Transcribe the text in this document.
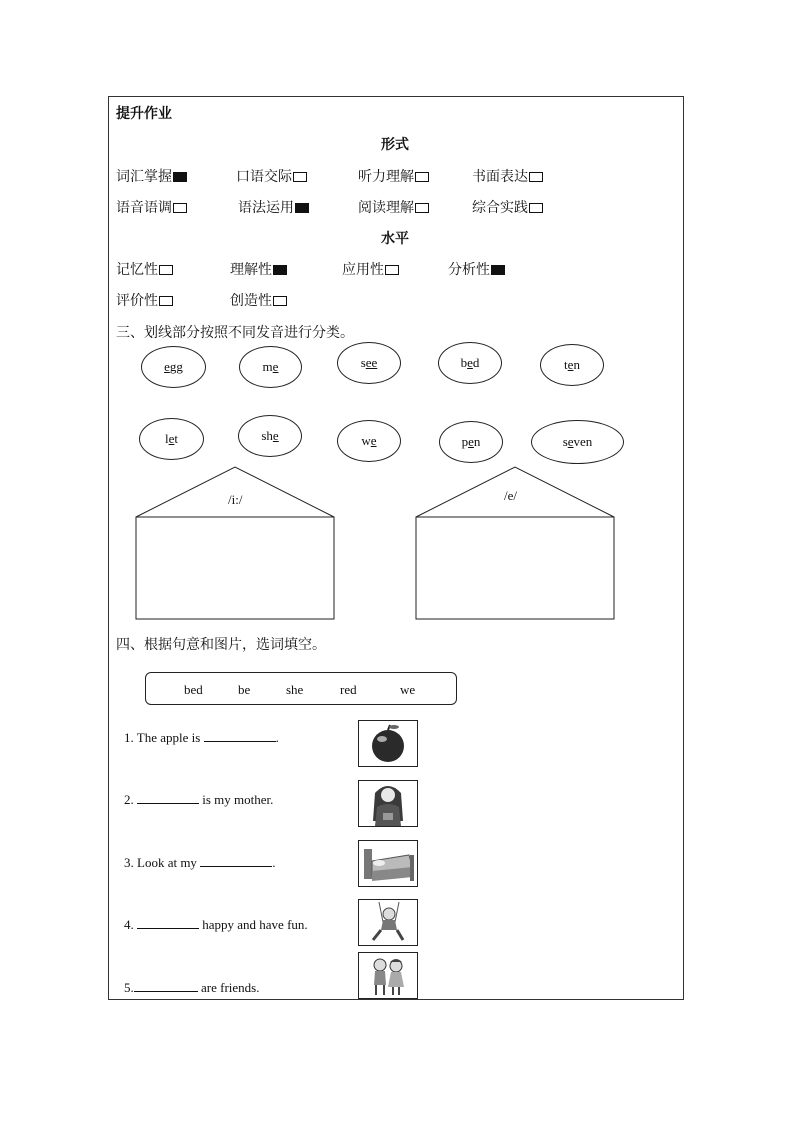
提升作业
形式
词汇掌握	口语交际	听力理解	书面表达
语音语调	语法运用	阅读理解	综合实践
水平
记忆性	理解性	应用性	分析性
评价性	创造性
三、划线部分按照不同发音进行分类。
e gg	m e	s ee	b e d	t e n
l e t	sh e	w e	p e n	s e ven
/i:/	/e/
四、根据句意和图片，选词填空。
bed	be	she	red	we
1. The apple is	.
2.	is my mother.
3. Look at my	.
4.	happy and have fun.
5.	are friends.
